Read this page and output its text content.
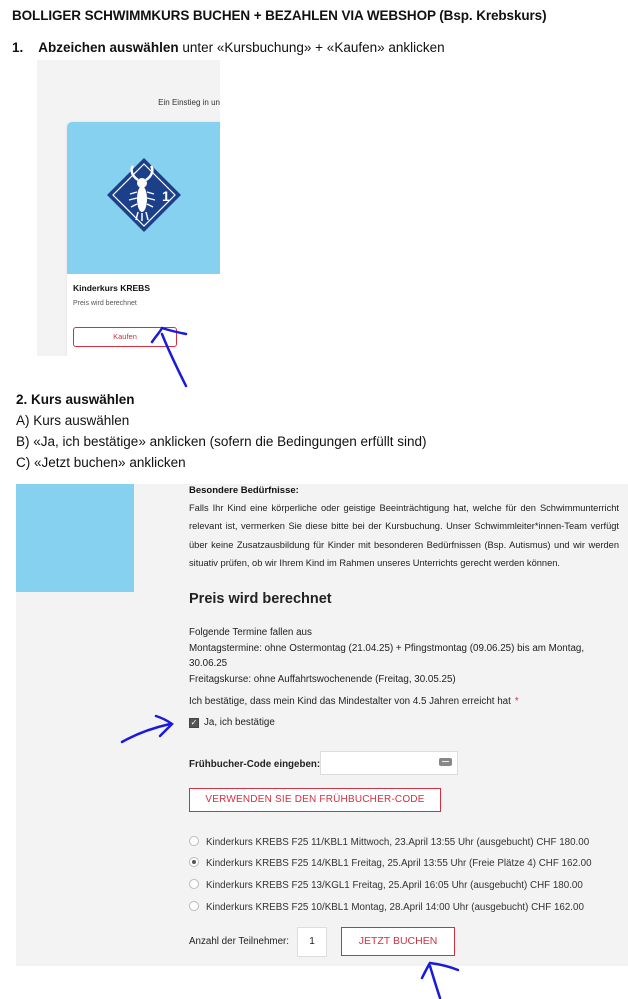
BOLLIGER SCHWIMMKURS BUCHEN + BEZAHLEN VIA WEBSHOP (Bsp. Krebskurs)
1. Abzeichen auswählen unter «Kursbuchung» + «Kaufen» anklicken
Ein Einstieg in un
1
Kinderkurs KREBS
Preis wird berechnet
Kaufen
2. Kurs auswählen
A) Kurs auswählen
B) «Ja, ich bestätige» anklicken (sofern die Bedingungen erfüllt sind)
C) «Jetzt buchen» anklicken
Besondere Bedürfnisse:
Falls Ihr Kind eine körperliche oder geistige Beeinträchtigung hat, welche für den Schwimmunterricht relevant ist, vermerken Sie diese bitte bei der Kursbuchung. Unser Schwimmleiter*innen-Team verfügt über keine Zusatzausbildung für Kinder mit besonderen Bedürfnissen (Bsp. Autismus) und wir werden situativ prüfen, ob wir Ihrem Kind im Rahmen unseres Unterrichts gerecht werden können.
Preis wird berechnet
Folgende Termine fallen aus
Montagstermine: ohne Ostermontag (21.04.25) + Pfingstmontag (09.06.25) bis am Montag, 30.06.25
Freitagskurse: ohne Auffahrtswochenende (Freitag, 30.05.25)
Ich bestätige, dass mein Kind das Mindestalter von 4.5 Jahren erreicht hat *
✓ Ja, ich bestätige
Frühbucher-Code eingeben:
VERWENDEN SIE DEN FRÜHBUCHER-CODE
Kinderkurs KREBS F25 11/KBL1 Mittwoch, 23.April 13:55 Uhr (ausgebucht) CHF 180.00
Kinderkurs KREBS F25 14/KBL1 Freitag, 25.April 13:55 Uhr (Freie Plätze 4) CHF 162.00
Kinderkurs KREBS F25 13/KGL1 Freitag, 25.April 16:05 Uhr (ausgebucht) CHF 180.00
Kinderkurs KREBS F25 10/KBL1 Montag, 28.April 14:00 Uhr (ausgebucht) CHF 162.00
Anzahl der Teilnehmer:	1	JETZT BUCHEN
